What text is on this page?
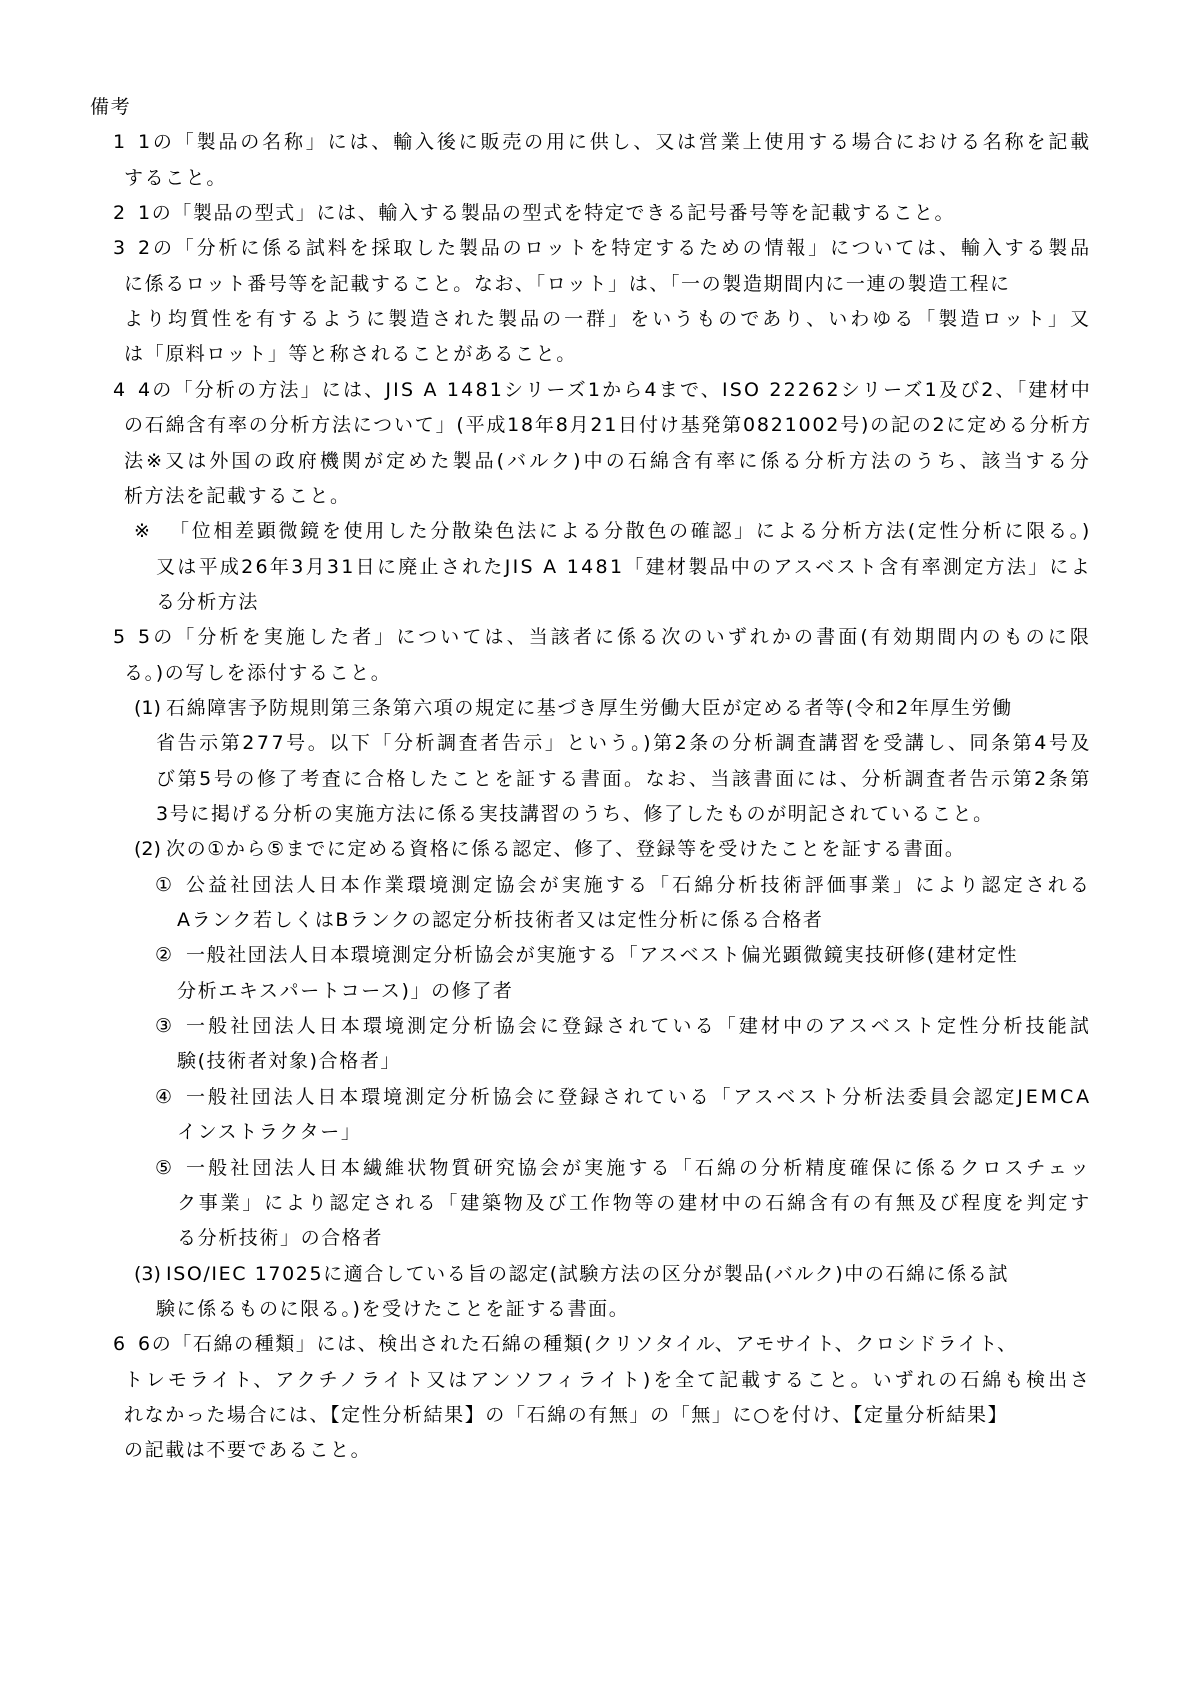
備考
1 1の「製品の名称」には、輸入後に販売の用に供し、又は営業上使用する場合における名称を記載
すること。
2 1の「製品の型式」には、輸入する製品の型式を特定できる記号番号等を記載すること。
3 2の「分析に係る試料を採取した製品のロットを特定するための情報」については、輸入する製品
に係るロット番号等を記載すること。なお、「ロット」は、「一の製造期間内に一連の製造工程に
より均質性を有するように製造された製品の一群」をいうものであり、いわゆる「製造ロット」又
は「原料ロット」等と称されることがあること。
4 4の「分析の方法」には、JIS A 1481シリーズ1から4まで、ISO 22262シリーズ1及び2、「建材中
の石綿含有率の分析方法について」(平成18年8月21日付け基発第0821002号)の記の2に定める分析方
法※又は外国の政府機関が定めた製品(バルク)中の石綿含有率に係る分析方法のうち、該当する分
析方法を記載すること。
※ 「位相差顕微鏡を使用した分散染色法による分散色の確認」による分析方法(定性分析に限る。)
又は平成26年3月31日に廃止されたJIS A 1481「建材製品中のアスベスト含有率測定方法」によ
る分析方法
5 5の「分析を実施した者」については、当該者に係る次のいずれかの書面(有効期間内のものに限
る。)の写しを添付すること。
(1) 石綿障害予防規則第三条第六項の規定に基づき厚生労働大臣が定める者等(令和2年厚生労働
省告示第277号。以下「分析調査者告示」という。)第2条の分析調査講習を受講し、同条第4号及
び第5号の修了考査に合格したことを証する書面。なお、当該書面には、分析調査者告示第2条第
3号に掲げる分析の実施方法に係る実技講習のうち、修了したものが明記されていること。
(2) 次の①から⑤までに定める資格に係る認定、修了、登録等を受けたことを証する書面。
① 公益社団法人日本作業環境測定協会が実施する「石綿分析技術評価事業」により認定される
Aランク若しくはBランクの認定分析技術者又は定性分析に係る合格者
② 一般社団法人日本環境測定分析協会が実施する「アスベスト偏光顕微鏡実技研修(建材定性
分析エキスパートコース)」の修了者
③ 一般社団法人日本環境測定分析協会に登録されている「建材中のアスベスト定性分析技能試
験(技術者対象)合格者」
④ 一般社団法人日本環境測定分析協会に登録されている「アスベスト分析法委員会認定JEMCA
インストラクター」
⑤ 一般社団法人日本繊維状物質研究協会が実施する「石綿の分析精度確保に係るクロスチェッ
ク事業」により認定される「建築物及び工作物等の建材中の石綿含有の有無及び程度を判定す
る分析技術」の合格者
(3) ISO/IEC 17025に適合している旨の認定(試験方法の区分が製品(バルク)中の石綿に係る試
験に係るものに限る。)を受けたことを証する書面。
6 6の「石綿の種類」には、検出された石綿の種類(クリソタイル、アモサイト、クロシドライト、
トレモライト、アクチノライト又はアンソフィライト)を全て記載すること。いずれの石綿も検出さ
れなかった場合には、【定性分析結果】の「石綿の有無」の「無」に○を付け、【定量分析結果】
の記載は不要であること。
